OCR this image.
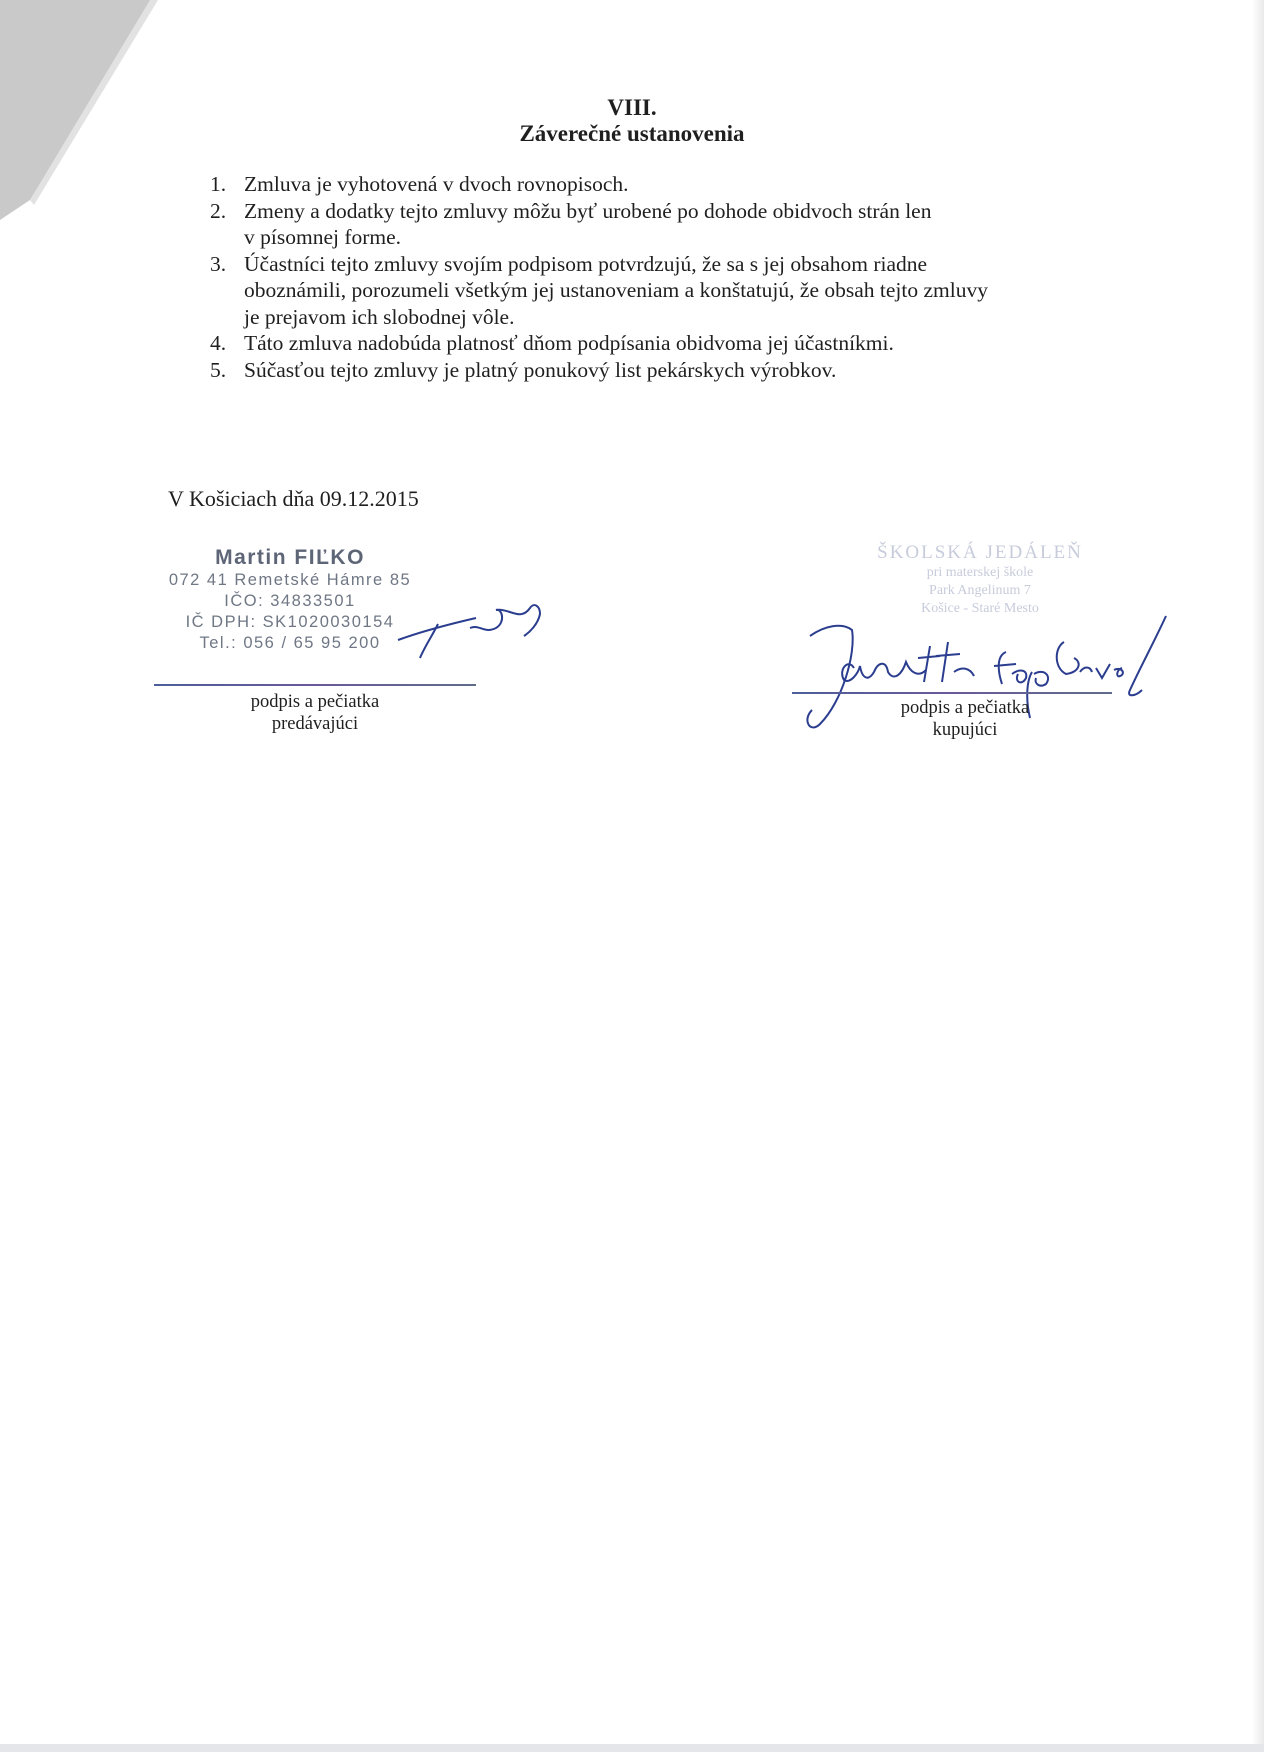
VIII.
Záverečné ustanovenia
1. Zmluva je vyhotovená v dvoch rovnopisoch.
2. Zmeny a dodatky tejto zmluvy môžu byť urobené po dohode obidvoch strán len
v písomnej forme.
3. Účastníci tejto zmluvy svojím podpisom potvrdzujú, že sa s jej obsahom riadne
oboznámili, porozumeli všetkým jej ustanoveniam a konštatujú, že obsah tejto zmluvy
je prejavom ich slobodnej vôle.
4. Táto zmluva nadobúda platnosť dňom podpísania obidvoma jej účastníkmi.
5. Súčasťou tejto zmluvy je platný ponukový list pekárskych výrobkov.
V Košiciach dňa 09.12.2015
Martin FIĽKO
072 41 Remetské Hámre 85
IČO: 34833501
IČ DPH: SK1020030154
Tel.: 056 / 65 95 200
ŠKOLSKÁ JEDÁLEŇ
pri materskej škole
Park Angelinum 7
Košice - Staré Mesto
podpis a pečiatka
predávajúci
podpis a pečiatka
kupujúci
